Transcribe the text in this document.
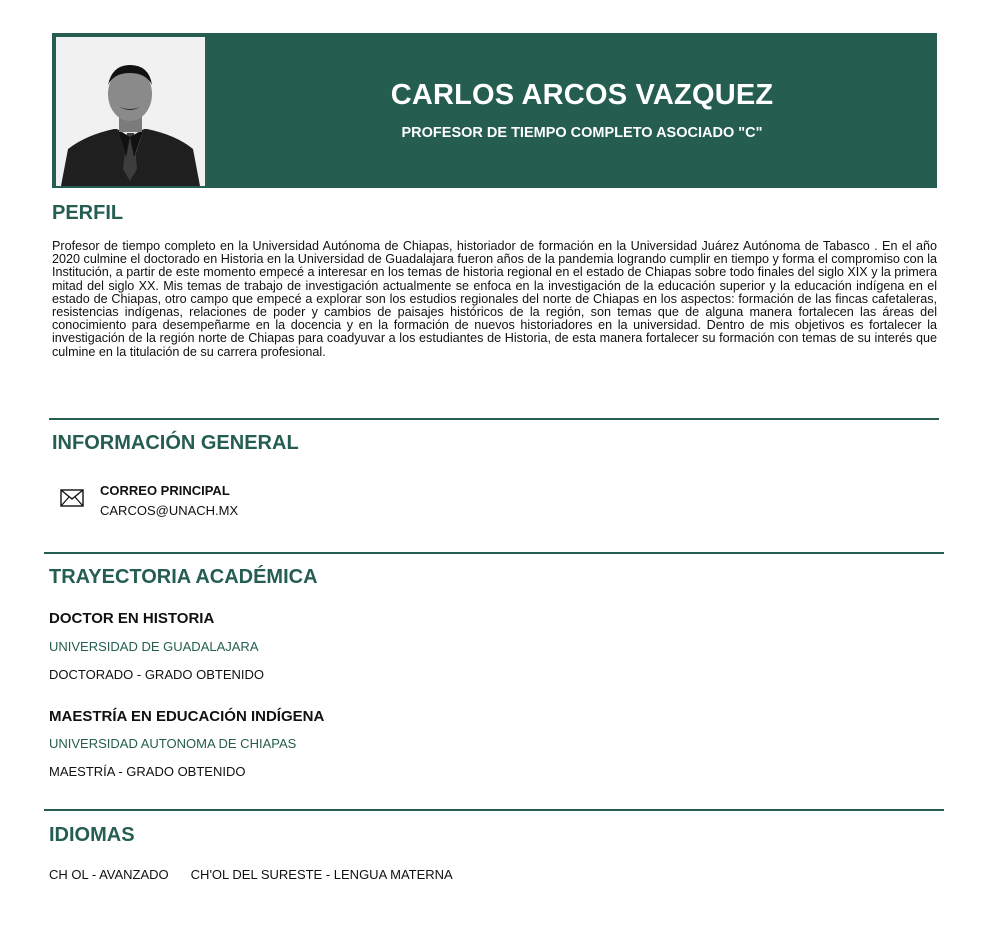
CARLOS ARCOS VAZQUEZ
PROFESOR DE TIEMPO COMPLETO ASOCIADO "C"
PERFIL
Profesor de tiempo completo en la Universidad Autónoma de Chiapas, historiador de formación en la Universidad Juárez Autónoma de Tabasco . En el año 2020 culmine el doctorado en Historia en la Universidad de Guadalajara fueron años de la pandemia logrando cumplir en tiempo y forma el compromiso con la Institución, a partir de este momento empecé a interesar en los temas de historia regional en el estado de Chiapas sobre todo finales del siglo XIX y la primera mitad del siglo XX. Mis temas de trabajo de investigación actualmente se enfoca en la investigación de la educación superior y la educación indígena en el estado de Chiapas, otro campo que empecé a explorar son los estudios regionales del norte de Chiapas en los aspectos: formación de las fincas cafetaleras, resistencias indígenas, relaciones de poder y cambios de paisajes históricos de la región, son temas que de alguna manera fortalecen las áreas del conocimiento para desempeñarme en la docencia y en la formación de nuevos historiadores en la universidad. Dentro de mis objetivos es fortalecer la investigación de la región norte de Chiapas para coadyuvar a los estudiantes de Historia, de esta manera fortalecer su formación con temas de su interés que culmine en la titulación de su carrera profesional.
INFORMACIÓN GENERAL
CORREO PRINCIPAL
CARCOS@UNACH.MX
TRAYECTORIA ACADÉMICA
DOCTOR EN HISTORIA
UNIVERSIDAD DE GUADALAJARA
DOCTORADO - GRADO OBTENIDO
MAESTRÍA EN EDUCACIÓN INDÍGENA
UNIVERSIDAD AUTONOMA DE CHIAPAS
MAESTRÍA - GRADO OBTENIDO
IDIOMAS
CH OL - AVANZADO CH'OL DEL SURESTE - LENGUA MATERNA
